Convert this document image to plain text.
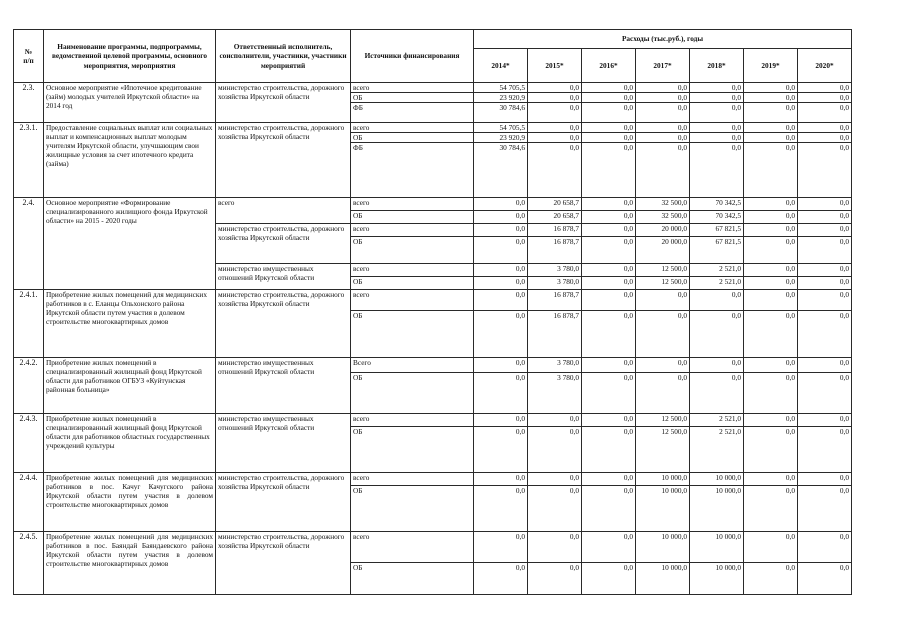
№
п/п	Наименование программы, подпрограммы, ведомственной целевой программы, основного мероприятия, мероприятия	Ответственный исполнитель, соисполнители, участники, участники мероприятий	Источники финансирования	Расходы (тыс.руб.), годы						
				2014*	2015*	2016*	2017*	2018*	2019*	2020*
2.3.	Основное мероприятие «Ипотечное кредитование (займ) молодых учителей Иркутской области» на 2014 год	министерство строительства, дорожного хозяйства Иркутской области	всего	54 705,5	0,0	0,0	0,0	0,0	0,0	0,0
			ОБ	23 920,9	0,0	0,0	0,0	0,0	0,0	0,0
			ФБ	30 784,6	0,0	0,0	0,0	0,0	0,0	0,0
2.3.1.	Предоставление социальных выплат или социальных выплат и компенсационных выплат молодым учителям Иркутской области, улучшающим свои жилищные условия за счет ипотечного кредита (займа)	министерство строительства, дорожного хозяйства Иркутской области	всего	54 705,5	0,0	0,0	0,0	0,0	0,0	0,0
			ОБ	23 920,9	0,0	0,0	0,0	0,0	0,0	0,0
			ФБ	30 784,6	0,0	0,0	0,0	0,0	0,0	0,0
2.4.	Основное мероприятие «Формирование специализированного жилищного фонда Иркутской области» на 2015 - 2020 годы	всего	всего	0,0	20 658,7	0,0	32 500,0	70 342,5	0,0	0,0
			ОБ	0,0	20 658,7	0,0	32 500,0	70 342,5	0,0	0,0
		министерство строительства, дорожного хозяйства Иркутской области	всего	0,0	16 878,7	0,0	20 000,0	67 821,5	0,0	0,0
			ОБ	0,0	16 878,7	0,0	20 000,0	67 821,5	0,0	0,0
		министерство имущественных отношений Иркутской области	всего	0,0	3 780,0	0,0	12 500,0	2 521,0	0,0	0,0
			ОБ	0,0	3 780,0	0,0	12 500,0	2 521,0	0,0	0,0
2.4.1.	Приобретение жилых помещений для медицинских работников в с. Еланцы Ольхонского района Иркутской области путем участия в долевом строительстве многоквартирных домов	министерство строительства, дорожного хозяйства Иркутской области	всего	0,0	16 878,7	0,0	0,0	0,0	0,0	0,0
			ОБ	0,0	16 878,7	0,0	0,0	0,0	0,0	0,0
2.4.2.	Приобретение жилых помещений в специализированный жилищный фонд Иркутской области для работников ОГБУЗ «Куйтунская районная больница»	министерство имущественных отношений Иркутской области	Всего	0,0	3 780,0	0,0	0,0	0,0	0,0	0,0
			ОБ	0,0	3 780,0	0,0	0,0	0,0	0,0	0,0
2.4.3.	Приобретение жилых помещений в специализированный жилищный фонд Иркутской области для работников областных государственных учреждений культуры	министерство имущественных отношений Иркутской области	всего	0,0	0,0	0,0	12 500,0	2 521,0	0,0	0,0
			ОБ	0,0	0,0	0,0	12 500,0	2 521,0	0,0	0,0
2.4.4.	Приобретение жилых помещений для медицинских работников в пос. Качуг Качугского района Иркутской области путем участия в долевом строительстве многоквартирных домов	министерство строительства, дорожного хозяйства Иркутской области	всего	0,0	0,0	0,0	10 000,0	10 000,0	0,0	0,0
			ОБ	0,0	0,0	0,0	10 000,0	10 000,0	0,0	0,0
2.4.5.	Приобретение жилых помещений для медицинских работников в пос. Баяндай Баяндаевского района Иркутской области путем участия в долевом строительстве многоквартирных домов	министерство строительства, дорожного хозяйства Иркутской области	всего	0,0	0,0	0,0	10 000,0	10 000,0	0,0	0,0
			ОБ	0,0	0,0	0,0	10 000,0	10 000,0	0,0	0,0
